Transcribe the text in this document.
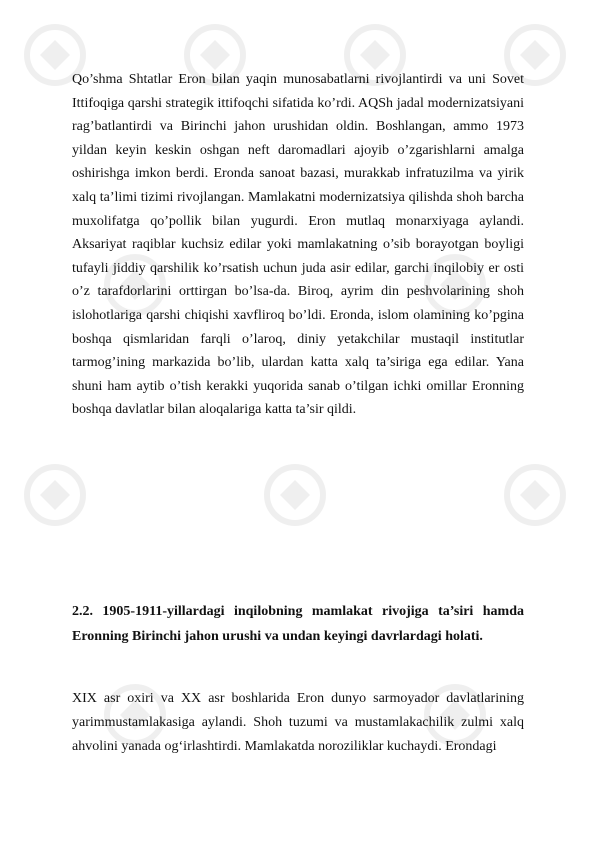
Qo’shma Shtatlar Eron bilan yaqin munosabatlarni rivojlantirdi va uni Sovet Ittifoqiga qarshi strategik ittifoqchi sifatida ko’rdi. AQSh jadal modernizatsiyani rag’batlantirdi va Birinchi jahon urushidan oldin. Boshlangan, ammo 1973 yildan keyin keskin oshgan neft daromadlari ajoyib o’zgarishlarni amalga oshirishga imkon berdi. Eronda sanoat bazasi, murakkab infratuzilma va yirik xalq ta’limi tizimi rivojlangan. Mamlakatni modernizatsiya qilishda shoh barcha muxolifatga qo’pollik bilan yugurdi. Eron mutlaq monarxiyaga aylandi. Aksariyat raqiblar kuchsiz edilar yoki mamlakatning o’sib borayotgan boyligi tufayli jiddiy qarshilik ko’rsatish uchun juda asir edilar, garchi inqilobiy er osti o’z tarafdorlarini orttirgan bo’lsa-da. Biroq, ayrim din peshvolarining shoh islohotlariga qarshi chiqishi xavfliroq bo’ldi. Eronda, islom olamining ko’pgina boshqa qismlaridan farqli o’laroq, diniy yetakchilar mustaqil institutlar tarmog’ining markazida bo’lib, ulardan katta xalq ta’siriga ega edilar. Yana shuni ham aytib o’tish kerakki yuqorida sanab o’tilgan ichki omillar Eronning boshqa davlatlar bilan aloqalariga katta ta’sir qildi.

2.2. 1905-1911-yillardagi inqilobning mamlakat rivojiga ta’siri hamda Eronning Birinchi jahon urushi va undan keyingi davrlardagi holati.

XIX asr oxiri va XX asr boshlarida Eron dunyo sarmoyador davlatlarining yarimmustamlakasiga aylandi. Shoh tuzumi va mustamlakachilik zulmi xalq ahvolini yanada og‘irlashtirdi. Mamlakatda noroziliklar kuchaydi. Erondagi
